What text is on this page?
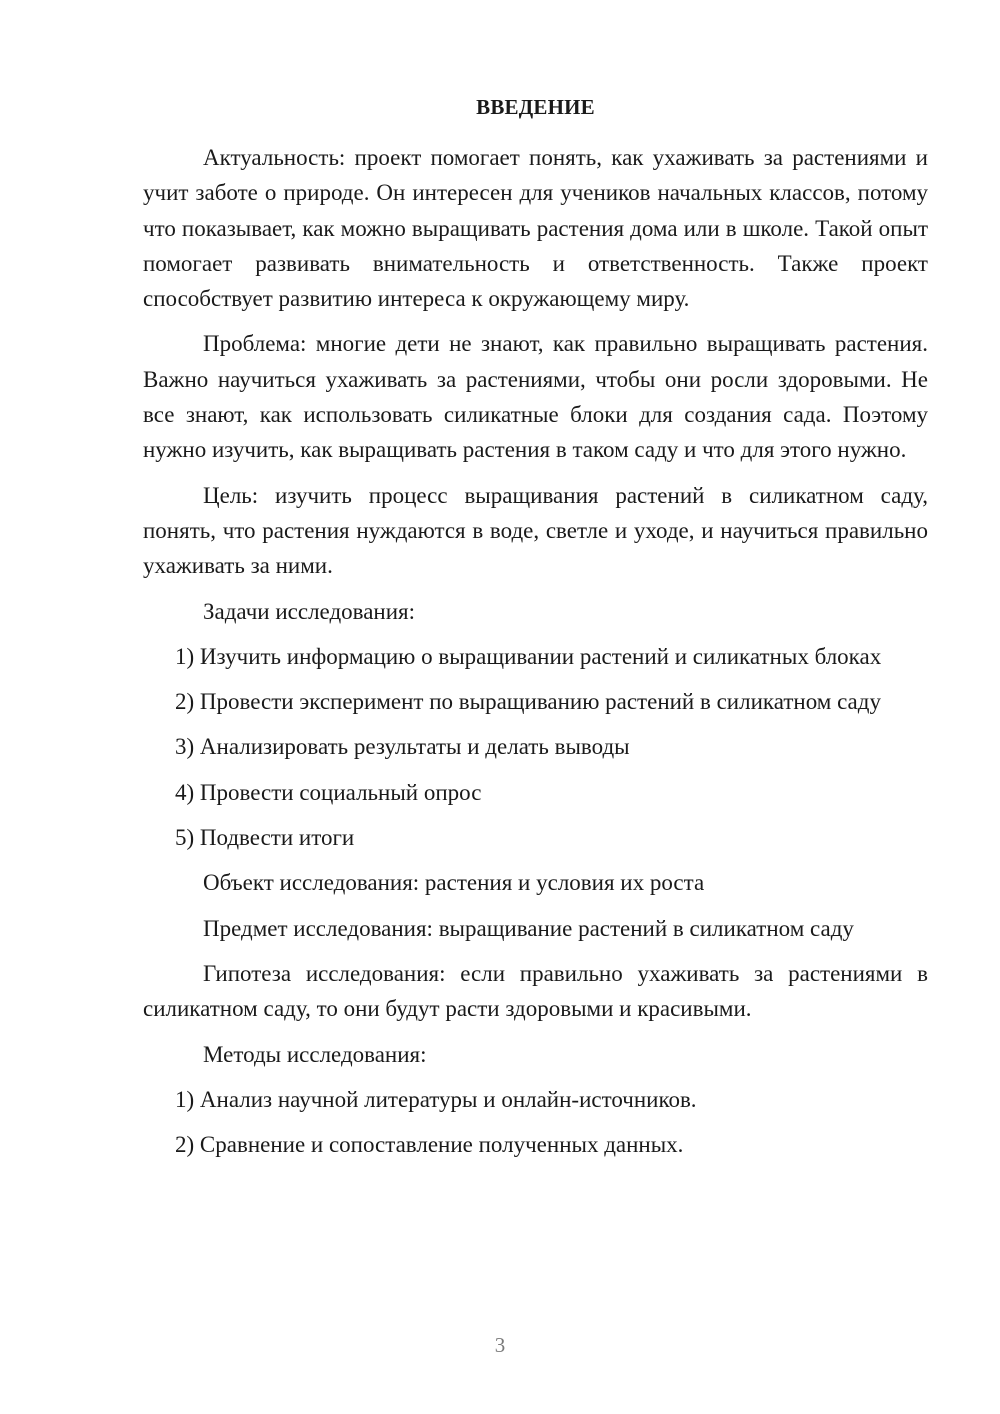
ВВЕДЕНИЕ

Актуальность: проект помогает понять, как ухаживать за растениями и учит заботе о природе. Он интересен для учеников начальных классов, потому что показывает, как можно выращивать растения дома или в школе. Такой опыт помогает развивать внимательность и ответственность. Также проект способствует развитию интереса к окружающему миру.

Проблема: многие дети не знают, как правильно выращивать растения. Важно научиться ухаживать за растениями, чтобы они росли здоровыми. Не все знают, как использовать силикатные блоки для создания сада. Поэтому нужно изучить, как выращивать растения в таком саду и что для этого нужно.

Цель: изучить процесс выращивания растений в силикатном саду, понять, что растения нуждаются в воде, светле и уходе, и научиться правильно ухаживать за ними.

Задачи исследования:

1) Изучить информацию о выращивании растений и силикатных блоках

2) Провести эксперимент по выращиванию растений в силикатном саду

3) Анализировать результаты и делать выводы

4) Провести социальный опрос

5) Подвести итоги

Объект исследования: растения и условия их роста

Предмет исследования: выращивание растений в силикатном саду

Гипотеза исследования: если правильно ухаживать за растениями в силикатном саду, то они будут расти здоровыми и красивыми.

Методы исследования:

1) Анализ научной литературы и онлайн-источников.

2) Сравнение и сопоставление полученных данных.

3
